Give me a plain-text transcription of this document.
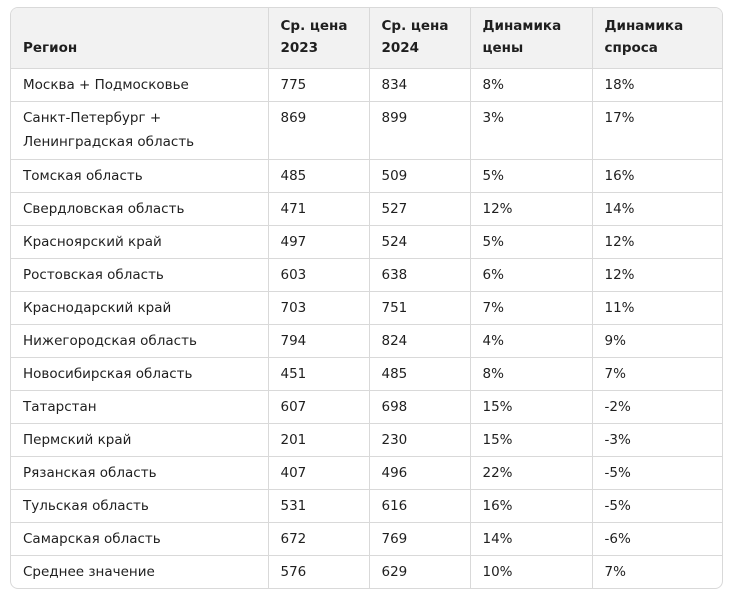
Регион	Ср. цена 2023	Ср. цена 2024	Динамика цены	Динамика спроса
Москва + Подмосковье	775	834	8%	18%
Санкт-Петербург + Ленинградская область	869	899	3%	17%
Томская область	485	509	5%	16%
Свердловская область	471	527	12%	14%
Красноярский край	497	524	5%	12%
Ростовская область	603	638	6%	12%
Краснодарский край	703	751	7%	11%
Нижегородская область	794	824	4%	9%
Новосибирская область	451	485	8%	7%
Татарстан	607	698	15%	-2%
Пермский край	201	230	15%	-3%
Рязанская область	407	496	22%	-5%
Тульская область	531	616	16%	-5%
Самарская область	672	769	14%	-6%
Среднее значение	576	629	10%	7%
